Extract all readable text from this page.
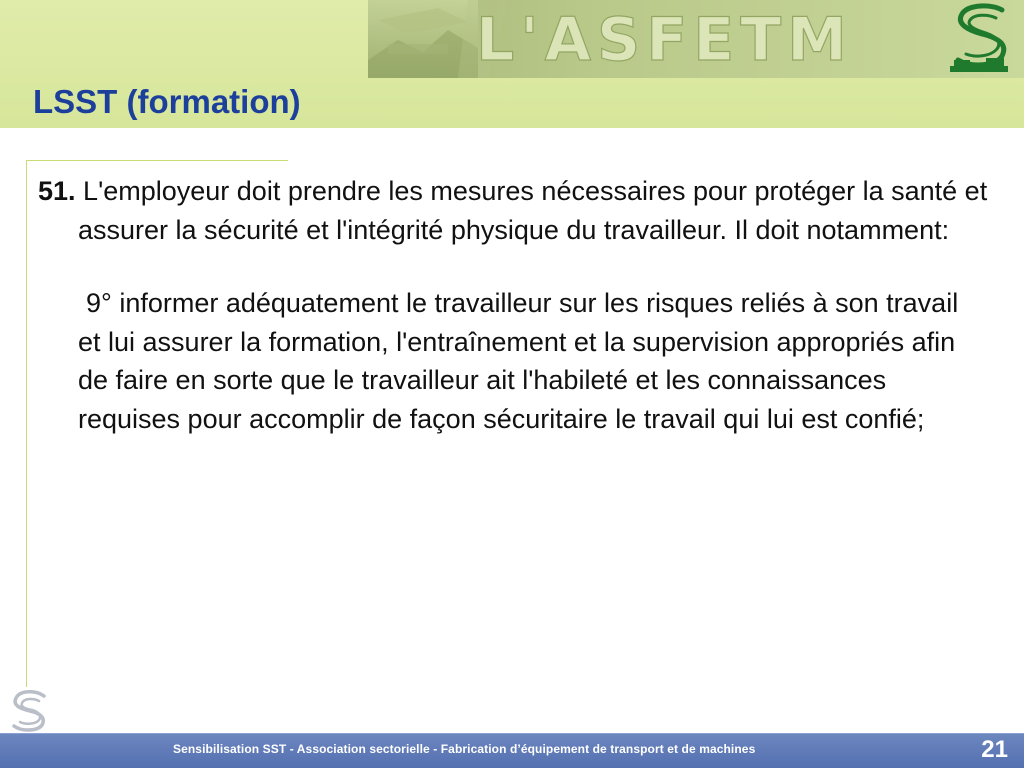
L'ASFETM
LSST (formation)

51. L'employeur doit prendre les mesures nécessaires pour protéger la santé et assurer la sécurité et l'intégrité physique du travailleur. Il doit notamment:

9° informer adéquatement le travailleur sur les risques reliés à son travail et lui assurer la formation, l'entraînement et la supervision appropriés afin de faire en sorte que le travailleur ait l'habileté et les connaissances requises pour accomplir de façon sécuritaire le travail qui lui est confié;

Sensibilisation SST - Association sectorielle - Fabrication d’équipement de transport et de machines	21
